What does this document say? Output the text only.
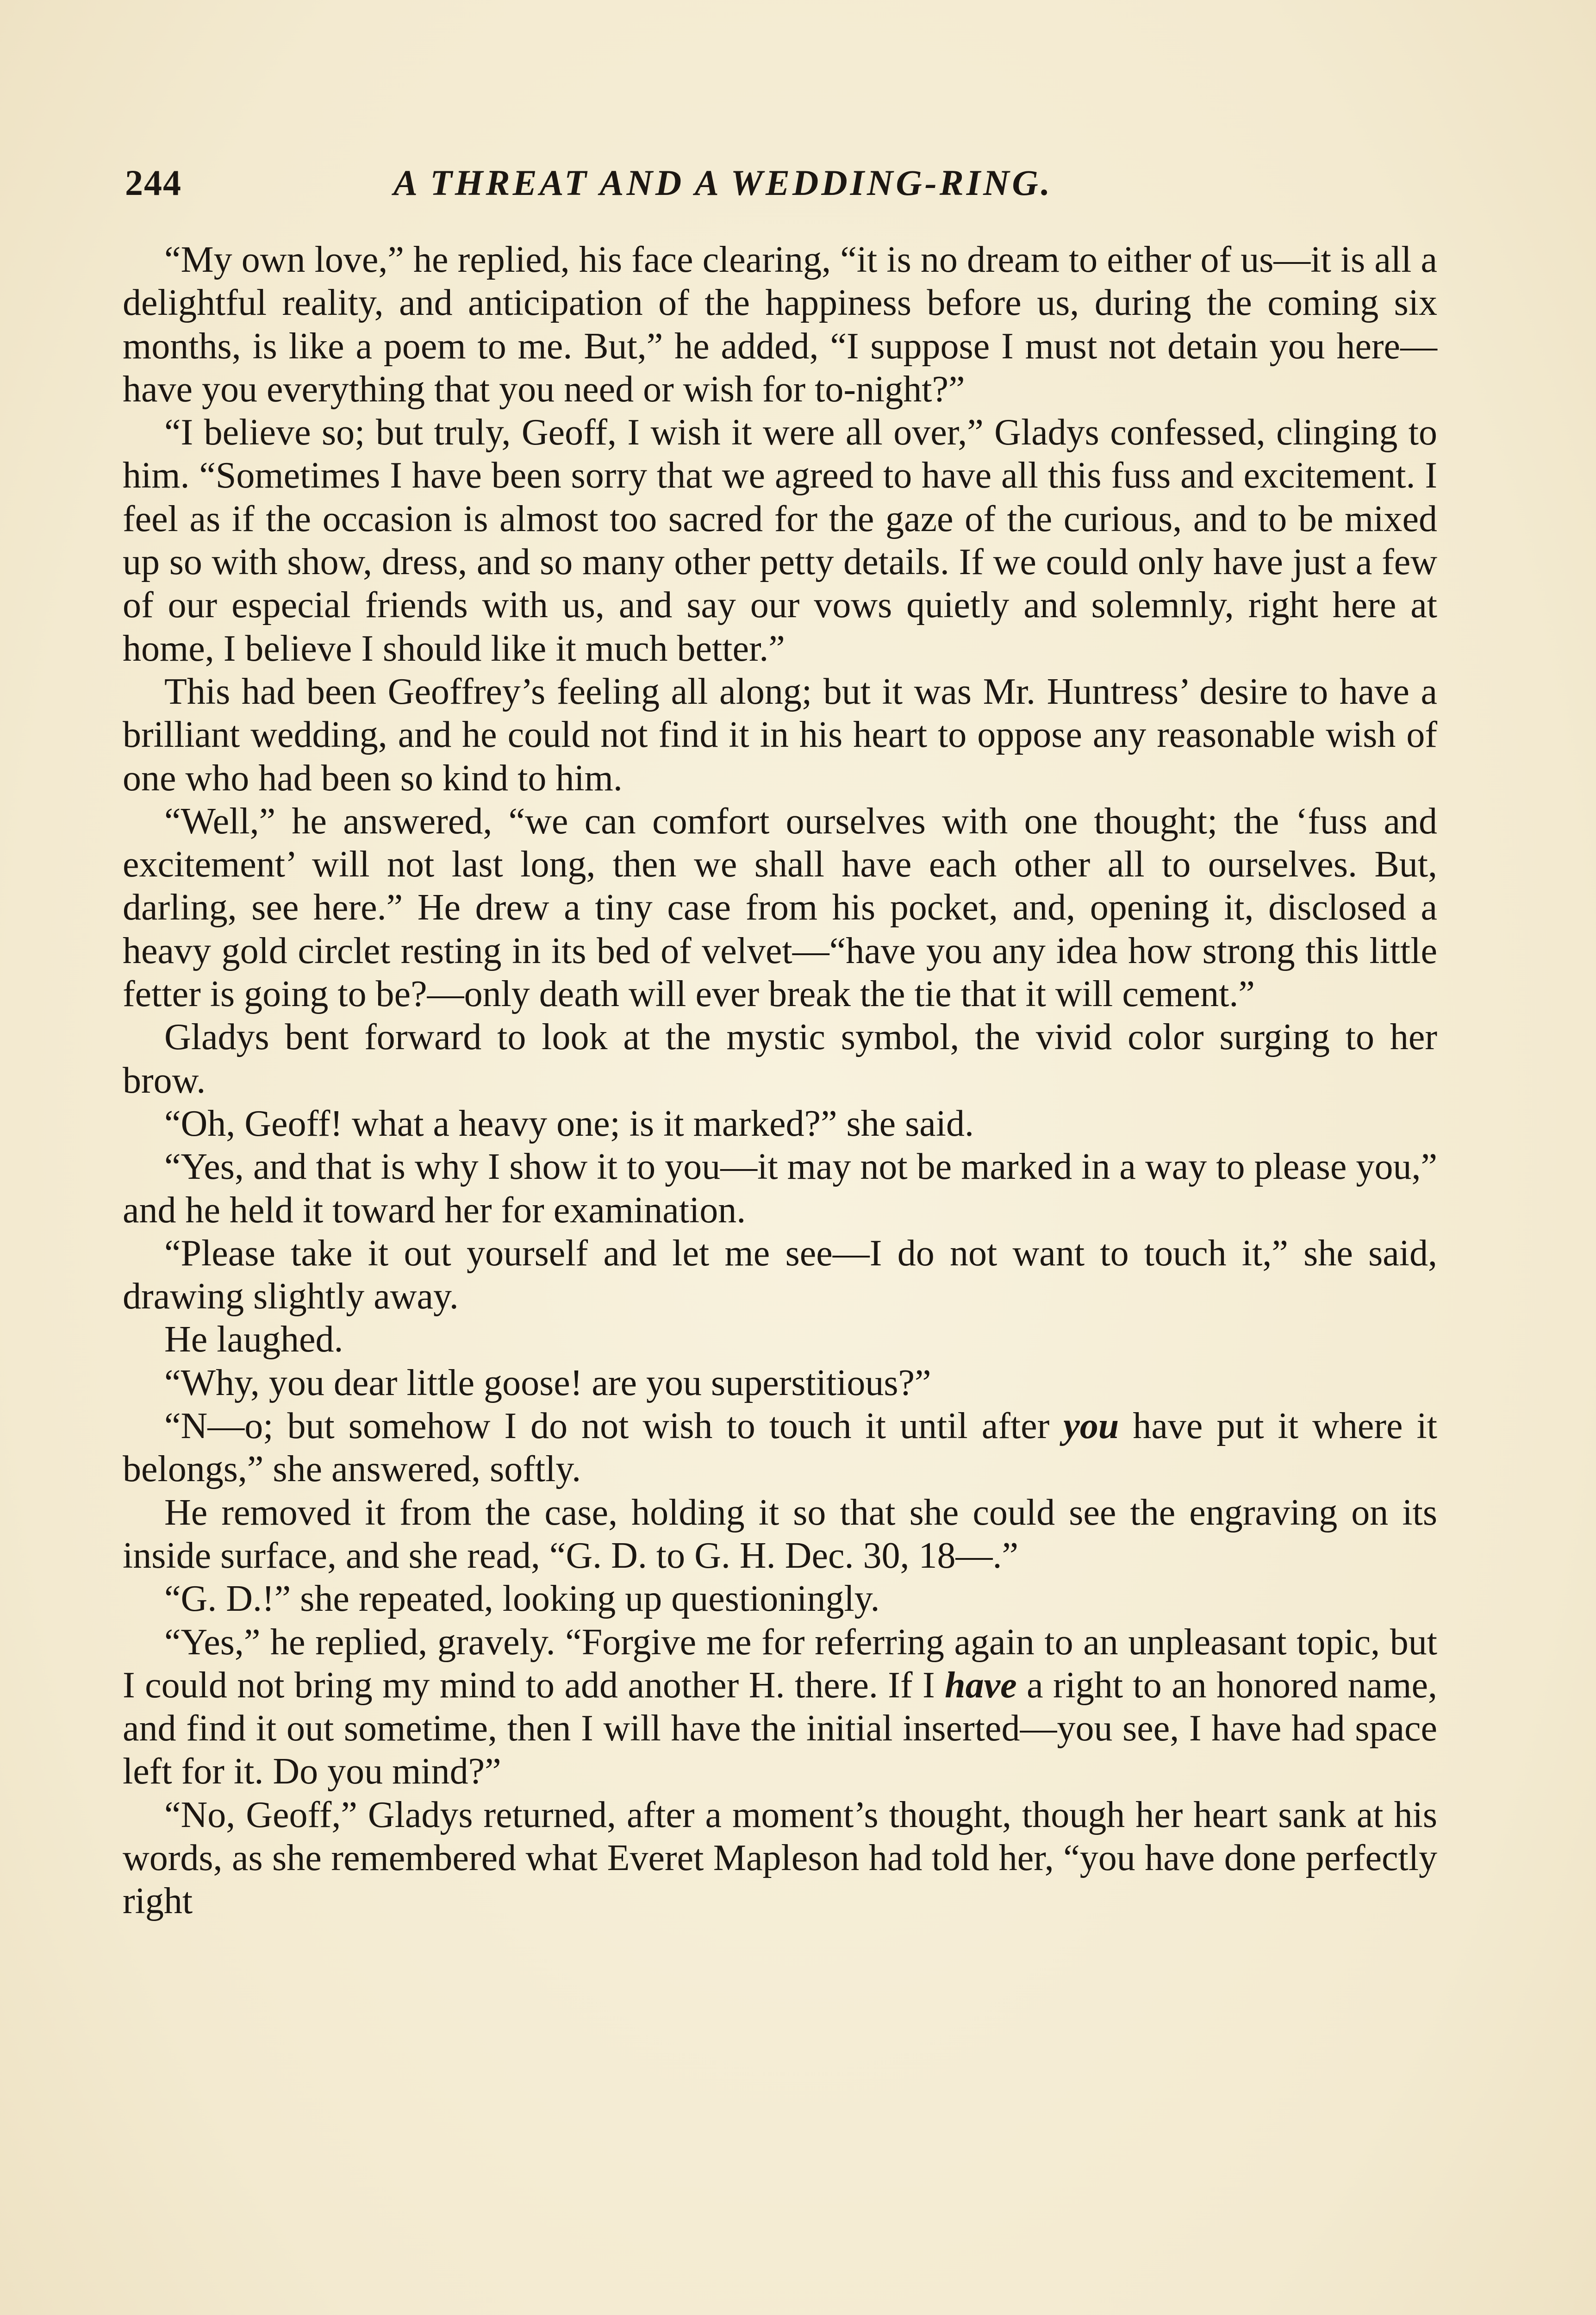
244	A THREAT AND A WEDDING-RING.

“My own love,” he replied, his face clearing, “it is no dream to either of us—it is all a delightful reality, and anticipation of the happiness before us, during the coming six months, is like a poem to me. But,” he added, “I suppose I must not detain you here—have you everything that you need or wish for to-night?”

“I believe so; but truly, Geoff, I wish it were all over,” Gladys confessed, clinging to him. “Sometimes I have been sorry that we agreed to have all this fuss and excitement. I feel as if the occasion is almost too sacred for the gaze of the curious, and to be mixed up so with show, dress, and so many other petty details. If we could only have just a few of our especial friends with us, and say our vows quietly and solemnly, right here at home, I believe I should like it much better.”

This had been Geoffrey’s feeling all along; but it was Mr. Huntress’ desire to have a brilliant wedding, and he could not find it in his heart to oppose any reasonable wish of one who had been so kind to him.

“Well,” he answered, “we can comfort ourselves with one thought; the ‘fuss and excitement’ will not last long, then we shall have each other all to ourselves. But, darling, see here.” He drew a tiny case from his pocket, and, opening it, disclosed a heavy gold circlet resting in its bed of velvet—“have you any idea how strong this little fetter is going to be?—only death will ever break the tie that it will cement.”

Gladys bent forward to look at the mystic symbol, the vivid color surging to her brow.

“Oh, Geoff! what a heavy one; is it marked?” she said.

“Yes, and that is why I show it to you—it may not be marked in a way to please you,” and he held it toward her for examination.

“Please take it out yourself and let me see—I do not want to touch it,” she said, drawing slightly away.

He laughed.

“Why, you dear little goose! are you superstitious?”

“N—o; but somehow I do not wish to touch it until after you have put it where it belongs,” she answered, softly.

He removed it from the case, holding it so that she could see the engraving on its inside surface, and she read, “G. D. to G. H. Dec. 30, 18—.”

“G. D.!” she repeated, looking up questioningly.

“Yes,” he replied, gravely. “Forgive me for referring again to an unpleasant topic, but I could not bring my mind to add another H. there. If I have a right to an honored name, and find it out sometime, then I will have the initial inserted—you see, I have had space left for it. Do you mind?”

“No, Geoff,” Gladys returned, after a moment’s thought, though her heart sank at his words, as she remembered what Everet Mapleson had told her, “you have done perfectly right
